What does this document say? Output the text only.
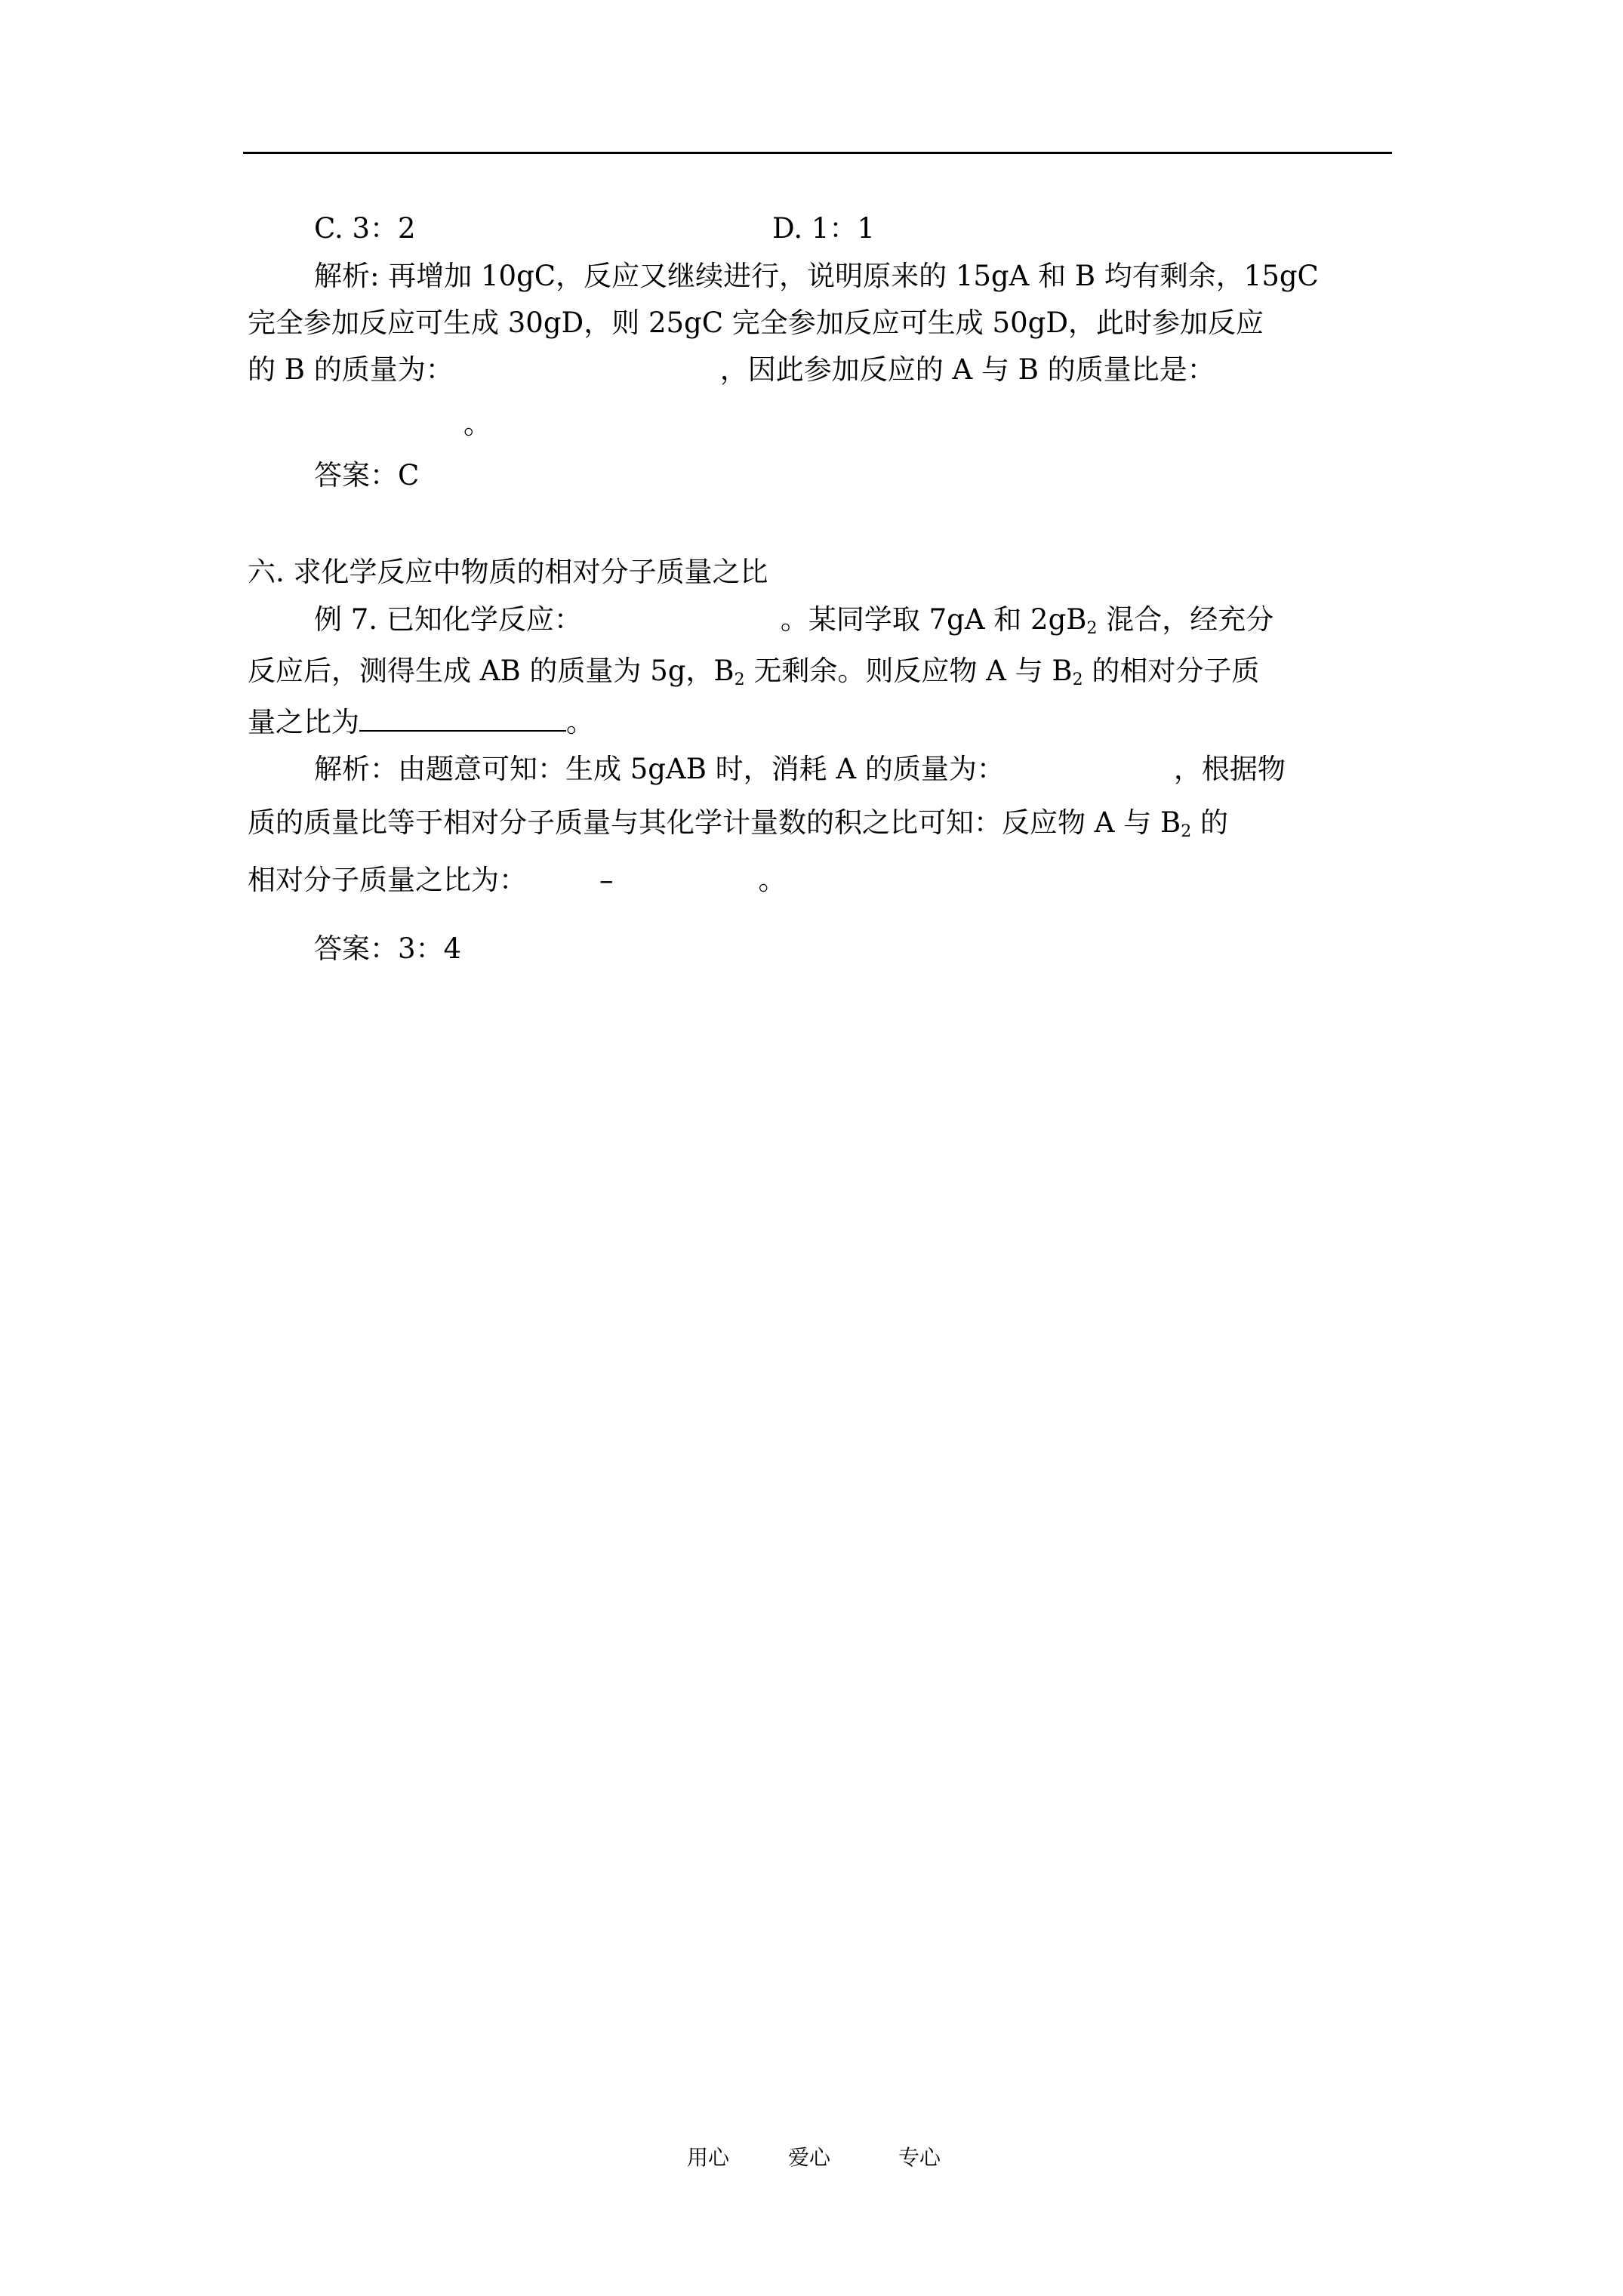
C. 3：2	D. 1：1
解析: 再增加 10gC，反应又继续进行，说明原来的 15gA 和 B 均有剩余，15gC
完全参加反应可生成 30gD，则 25gC 完全参加反应可生成 50gD，此时参加反应
的 B 的质量为：	，因此参加反应的 A 与 B 的质量比是：
。
答案：C
六. 求化学反应中物质的相对分子质量之比
例 7. 已知化学反应：	。某同学取 7gA 和 $2gB_2$ 混合，经充分
反应后，测得生成 AB 的质量为 5g，$B_2$ 无剩余。则反应物 A 与 $B_2$ 的相对分子质
量之比为	。
解析：由题意可知：生成 5gAB 时，消耗 A 的质量为：	，根据物
质的质量比等于相对分子质量与其化学计量数的积之比可知：反应物 A 与 $B_2$ 的
相对分子质量之比为：	–	。
答案：3：4
用心	爱心	专心
